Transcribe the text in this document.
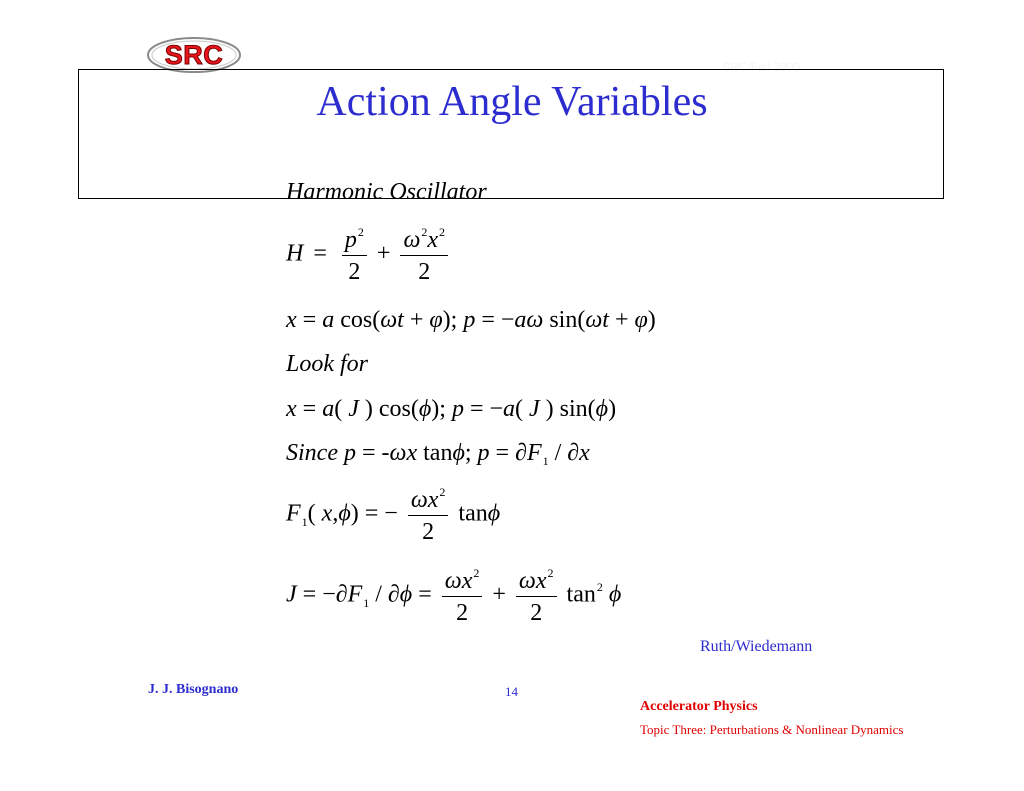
SRC	SRC/Fall 2000
Action Angle Variables
Harmonic Oscillator
$H = \frac{p^2}{2} + \frac{\omega^2x^2}{2}$
x = a cos(ωt + φ); p = −aω sin(ωt + φ)
Look for
x = a( J ) cos(ϕ); p = −a( J ) sin(ϕ)
Since p = -ωx tanϕ; $p = \partial F_1 / \partial x$
$F_1$( x,ϕ) = − $\frac{\omega x^2}{2}$ tanϕ
$J = -\partial F_1 / \partial\phi = \frac{\omega x^2}{2} + \frac{\omega x^2}{2} \tan^2 \phi$
Ruth/Wiedemann
J. J. Bisognano	14
Accelerator Physics
Topic Three: Perturbations & Nonlinear Dynamics
